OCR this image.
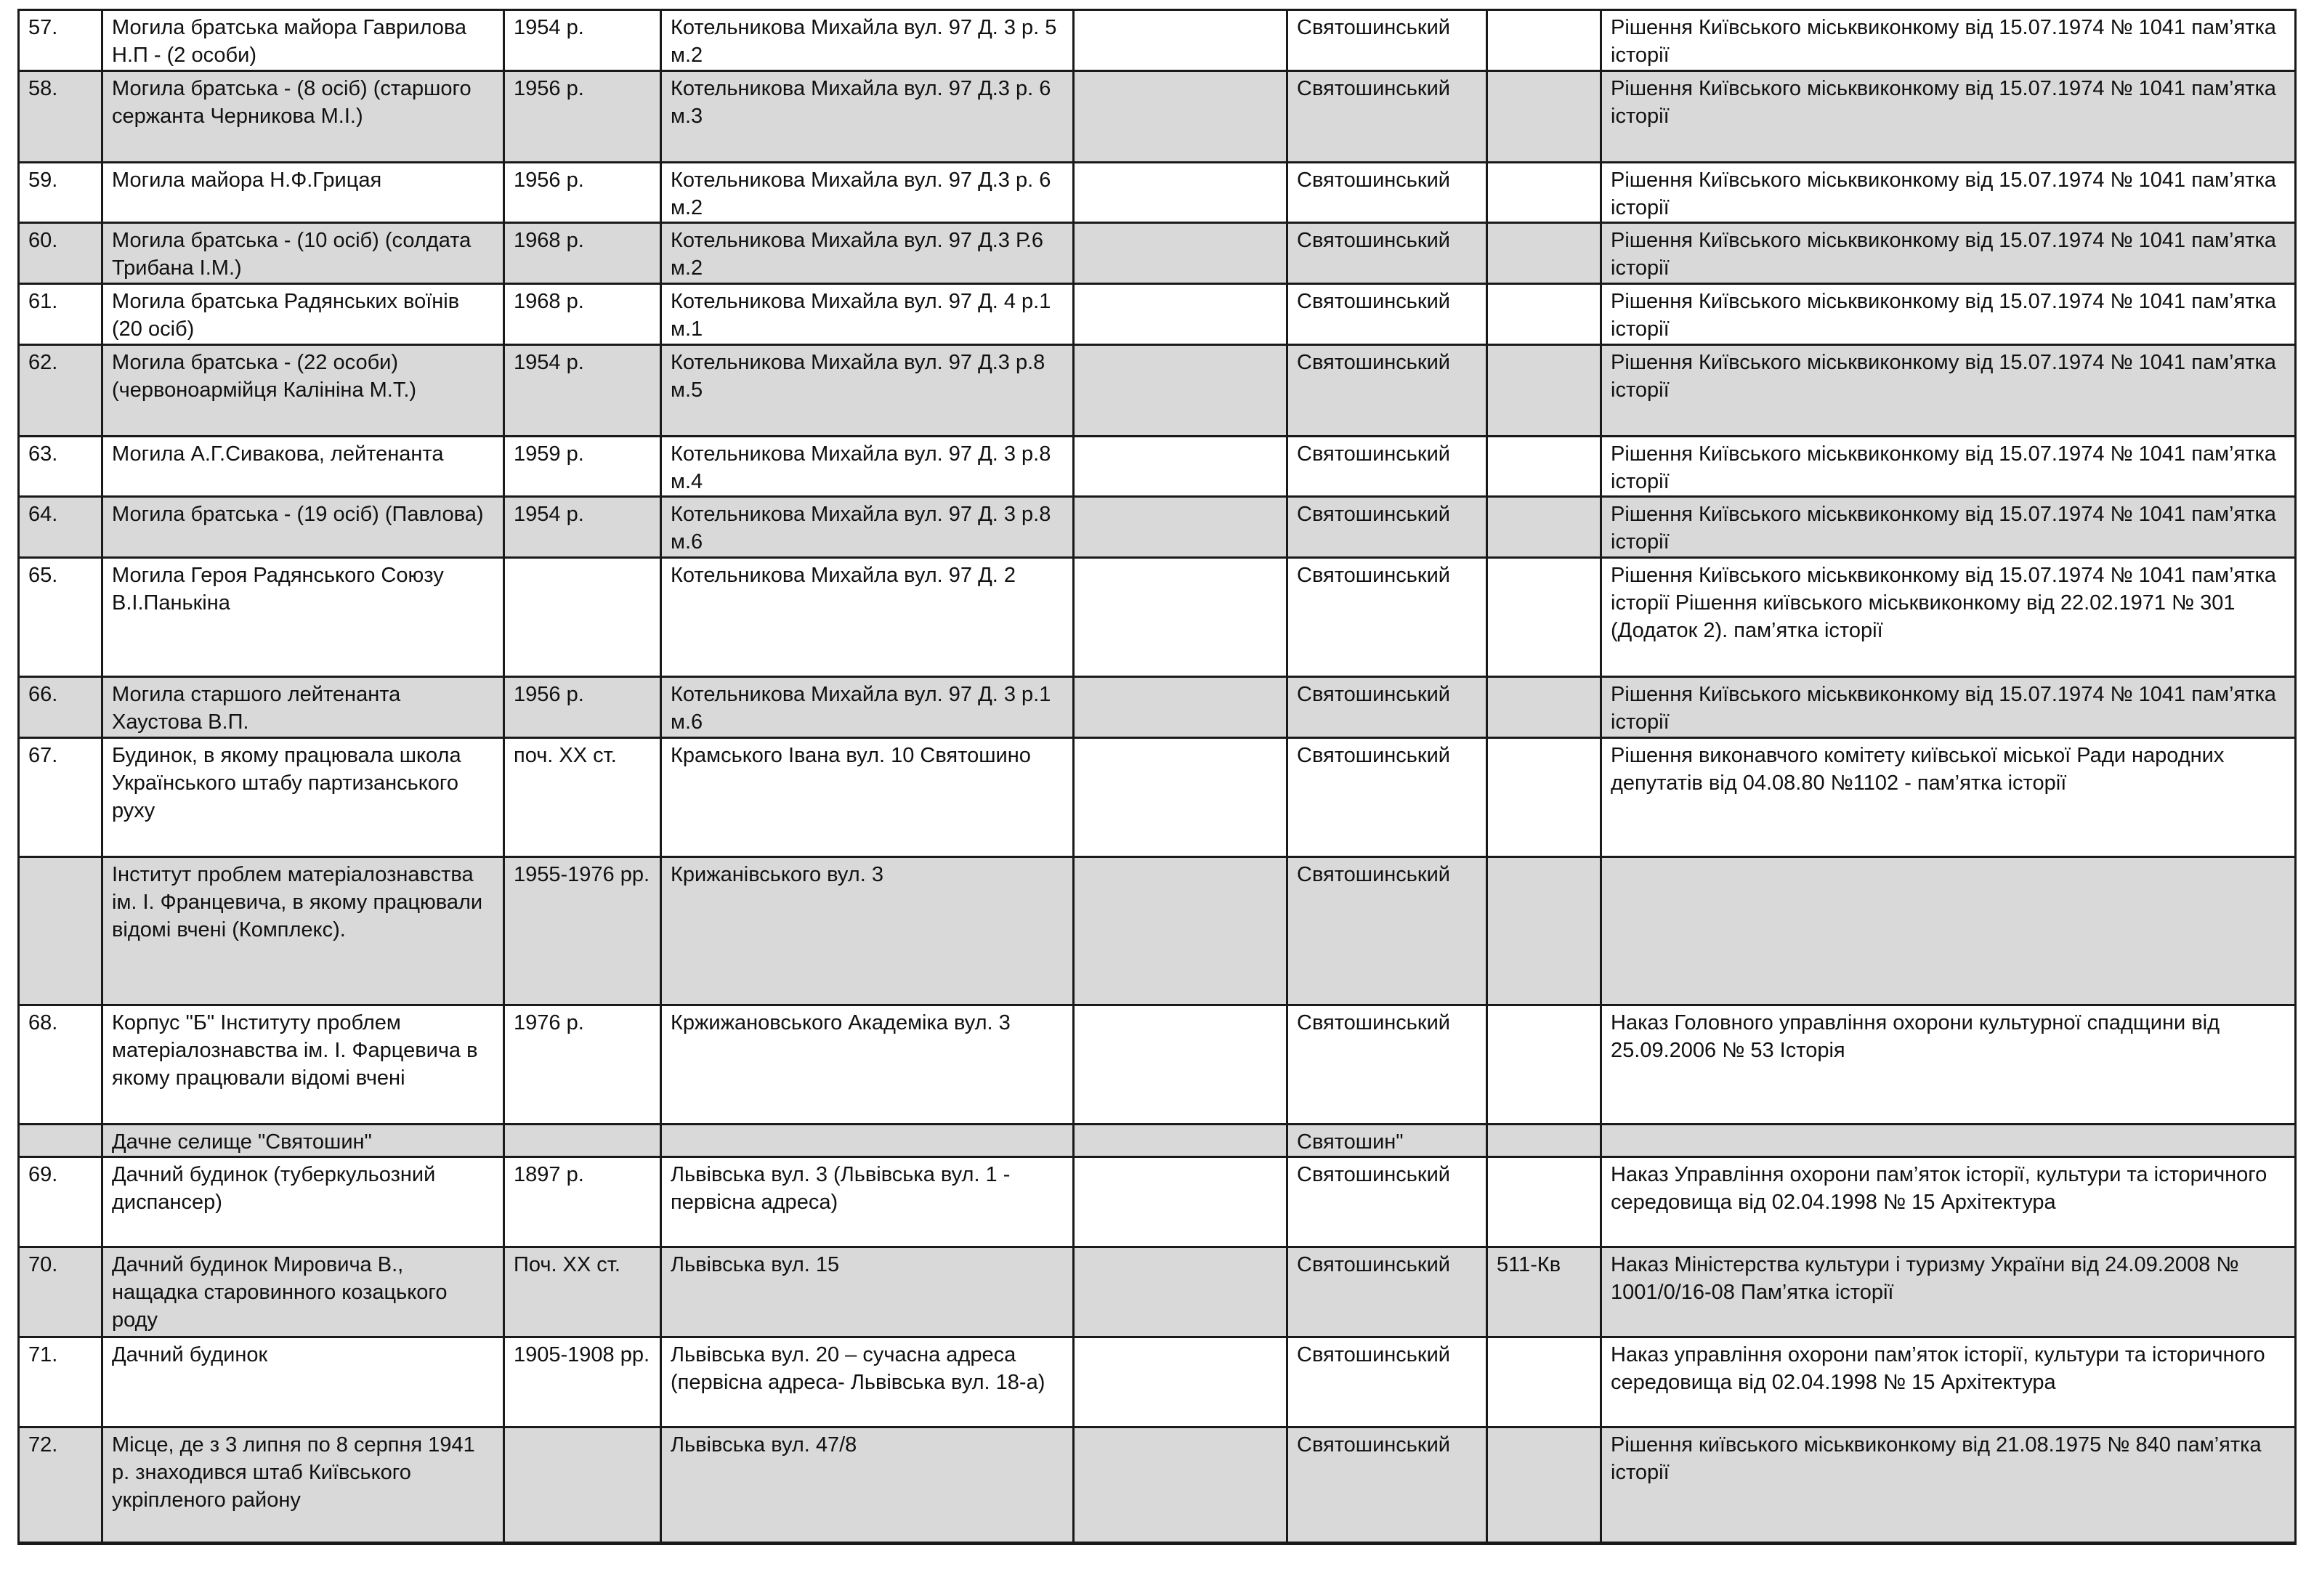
57.	Могила братська майора Гаврилова Н.П - (2 особи)	1954 р.	Котельникова Михайла вул. 97 Д. 3 р. 5 м.2		Святошинський		Рішення Київського міськвиконкому від 15.07.1974 № 1041 пам’ятка історії
58.	Могила братська - (8 осіб) (старшого сержанта Черникова М.І.)	1956 р.	Котельникова Михайла вул. 97 Д.3 р. 6 м.3		Святошинський		Рішення Київського міськвиконкому від 15.07.1974 № 1041 пам’ятка історії
59.	Могила майора Н.Ф.Грицая	1956 р.	Котельникова Михайла вул. 97 Д.3 р. 6 м.2		Святошинський		Рішення Київського міськвиконкому від 15.07.1974 № 1041 пам’ятка історії
60.	Могила братська - (10 осіб) (солдата Трибана І.М.)	1968 р.	Котельникова Михайла вул. 97 Д.3 Р.6 м.2		Святошинський		Рішення Київського міськвиконкому від 15.07.1974 № 1041 пам’ятка історії
61.	Могила братська Радянських воїнів (20 осіб)	1968 р.	Котельникова Михайла вул. 97 Д. 4 р.1 м.1		Святошинський		Рішення Київського міськвиконкому від 15.07.1974 № 1041 пам’ятка історії
62.	Могила братська - (22 особи) (червоноармійця Калініна М.Т.)	1954 р.	Котельникова Михайла вул. 97 Д.3 р.8 м.5		Святошинський		Рішення Київського міськвиконкому від 15.07.1974 № 1041 пам’ятка історії
63.	Могила А.Г.Сивакова, лейтенанта	1959 р.	Котельникова Михайла вул. 97 Д. 3 р.8 м.4		Святошинський		Рішення Київського міськвиконкому від 15.07.1974 № 1041 пам’ятка історії
64.	Могила братська - (19 осіб) (Павлова)	1954 р.	Котельникова Михайла вул. 97 Д. 3 р.8 м.6		Святошинський		Рішення Київського міськвиконкому від 15.07.1974 № 1041 пам’ятка історії
65.	Могила Героя Радянського Союзу В.І.Панькіна		Котельникова Михайла вул. 97 Д. 2		Святошинський		Рішення Київського міськвиконкому від 15.07.1974 № 1041 пам’ятка історії Рішення київського міськвиконкому від 22.02.1971 № 301 (Додаток 2). пам’ятка історії
66.	Могила старшого лейтенанта Хаустова В.П.	1956 р.	Котельникова Михайла вул. 97 Д. 3 р.1 м.6		Святошинський		Рішення Київського міськвиконкому від 15.07.1974 № 1041 пам’ятка історії
67.	Будинок, в якому працювала школа Українського штабу партизанського руху	поч. ХХ ст.	Крамського Івана вул. 10 Святошино		Святошинський		Рішення виконавчого комітету київської міської Ради народних депутатів від 04.08.80 №1102 - пам’ятка історії
	Інститут проблем матеріалознавства ім. І. Францевича, в якому працювали відомі вчені (Комплекс).	1955-1976 рр.	Крижанівського вул. 3		Святошинський		
68.	Корпус "Б" Інституту проблем матеріалознавства ім. І. Фарцевича в якому працювали відомі вчені	1976 р.	Кржижановського Академіка вул. 3		Святошинський		Наказ Головного управління охорони культурної спадщини від 25.09.2006 № 53 Історія
	Дачне селище "Святошин"				Святошин"		
69.	Дачний будинок (туберкульозний диспансер)	1897 р.	Львівська вул. 3 (Львівська вул. 1 - первісна адреса)		Святошинський		Наказ Управління охорони пам’яток історії, культури та історичного середовища від 02.04.1998 № 15 Архітектура
70.	Дачний будинок Мировича В., нащадка старовинного козацького роду	Поч. ХХ ст.	Львівська вул. 15		Святошинський	511-Кв	Наказ Міністерства культури і туризму України від 24.09.2008 № 1001/0/16-08 Пам’ятка історії
71.	Дачний будинок	1905-1908 рр.	Львівська вул. 20 – сучасна адреса (первісна адреса- Львівська вул. 18-а)		Святошинський		Наказ управління охорони пам’яток історії, культури та історичного середовища від 02.04.1998 № 15 Архітектура
72.	Місце, де з 3 липня по 8 серпня 1941 р. знаходився штаб Київського укріпленого району		Львівська вул. 47/8		Святошинський		Рішення київського міськвиконкому від 21.08.1975 № 840 пам’ятка історії
